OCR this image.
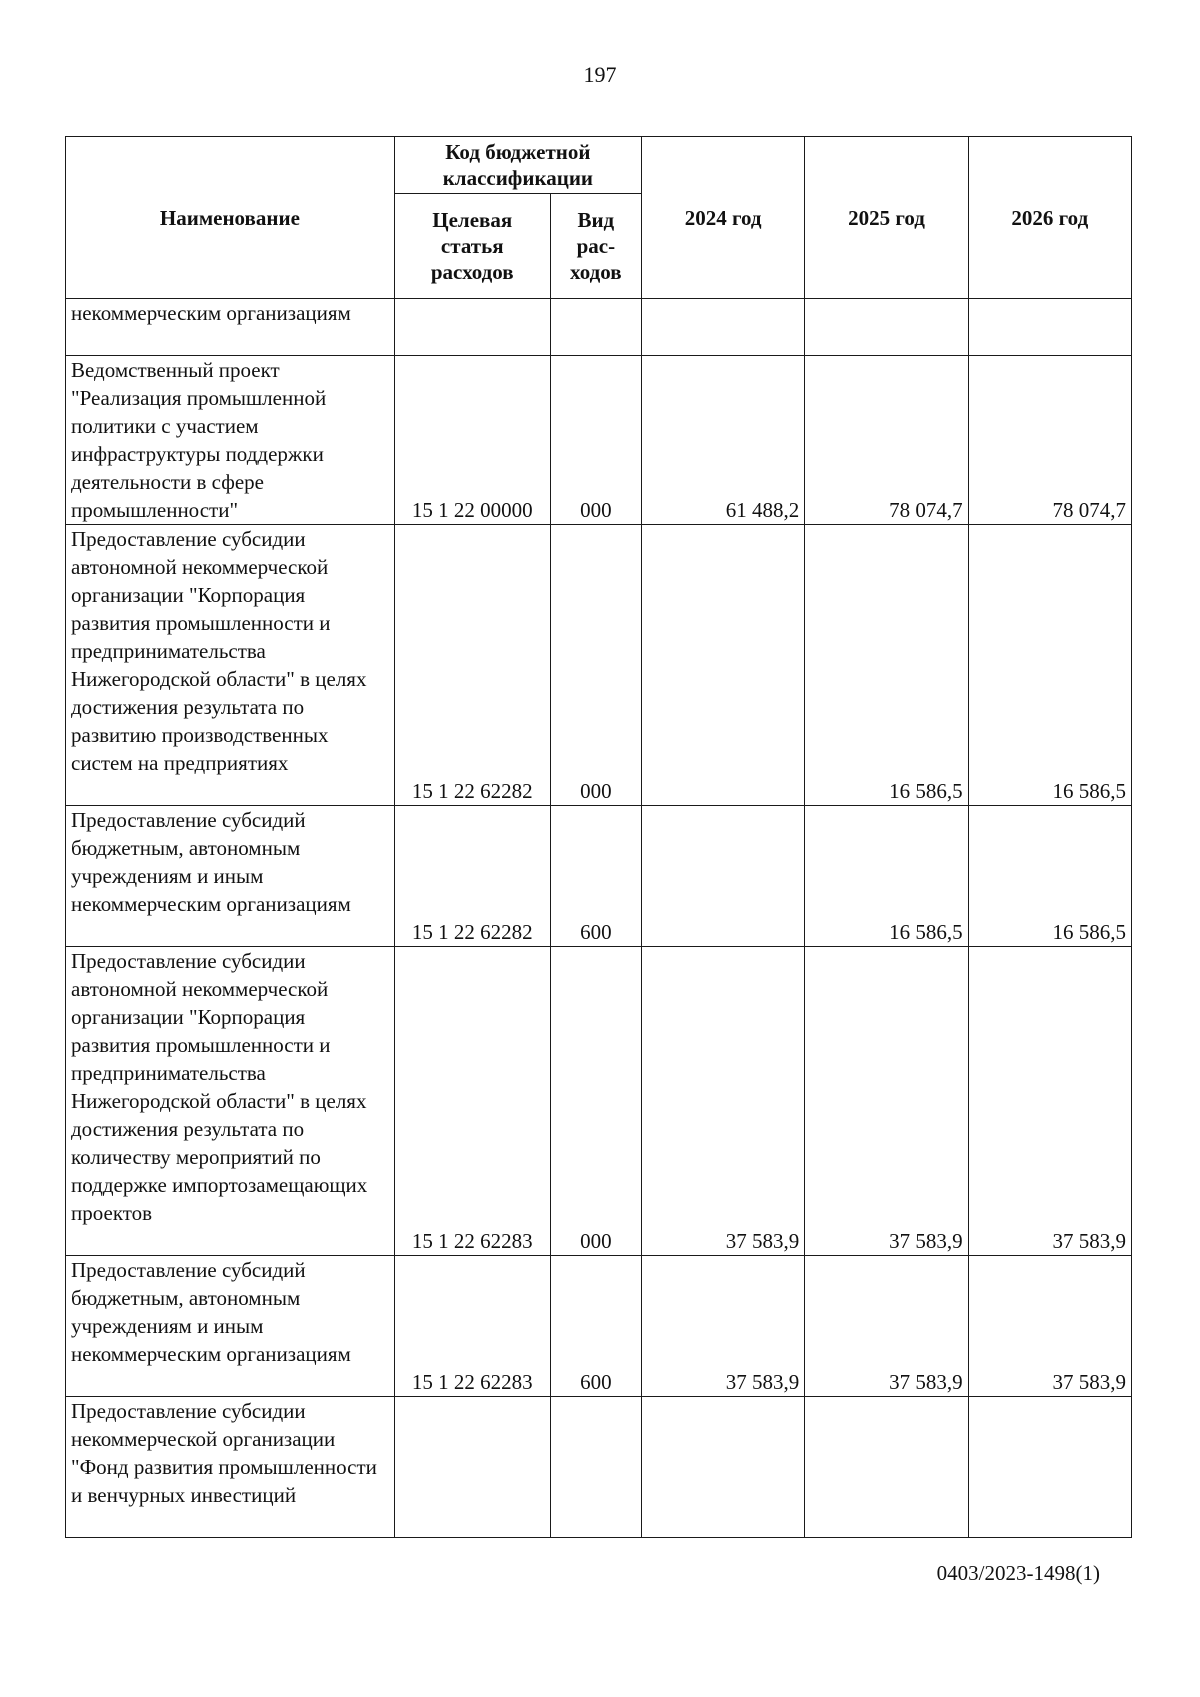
197
Наименование	Код бюджетной классификации		2024 год	2025 год	2026 год
	Целевая статья расходов	Вид рас-ходов			
некоммерческим организациям					
Ведомственный проект "Реализация промышленной политики с участием инфраструктуры поддержки деятельности в сфере промышленности"	15 1 22 00000	000	61 488,2	78 074,7	78 074,7
Предоставление субсидии автономной некоммерческой организации "Корпорация развития промышленности и предпринимательства Нижегородской области" в целях достижения результата по развитию производственных систем на предприятиях	15 1 22 62282	000		16 586,5	16 586,5
Предоставление субсидий бюджетным, автономным учреждениям и иным некоммерческим организациям	15 1 22 62282	600		16 586,5	16 586,5
Предоставление субсидии автономной некоммерческой организации "Корпорация развития промышленности и предпринимательства Нижегородской области" в целях достижения результата по количеству мероприятий по поддержке импортозамещающих проектов	15 1 22 62283	000	37 583,9	37 583,9	37 583,9
Предоставление субсидий бюджетным, автономным учреждениям и иным некоммерческим организациям	15 1 22 62283	600	37 583,9	37 583,9	37 583,9
Предоставление субсидии некоммерческой организации "Фонд развития промышленности и венчурных инвестиций					
0403/2023-1498(1)
